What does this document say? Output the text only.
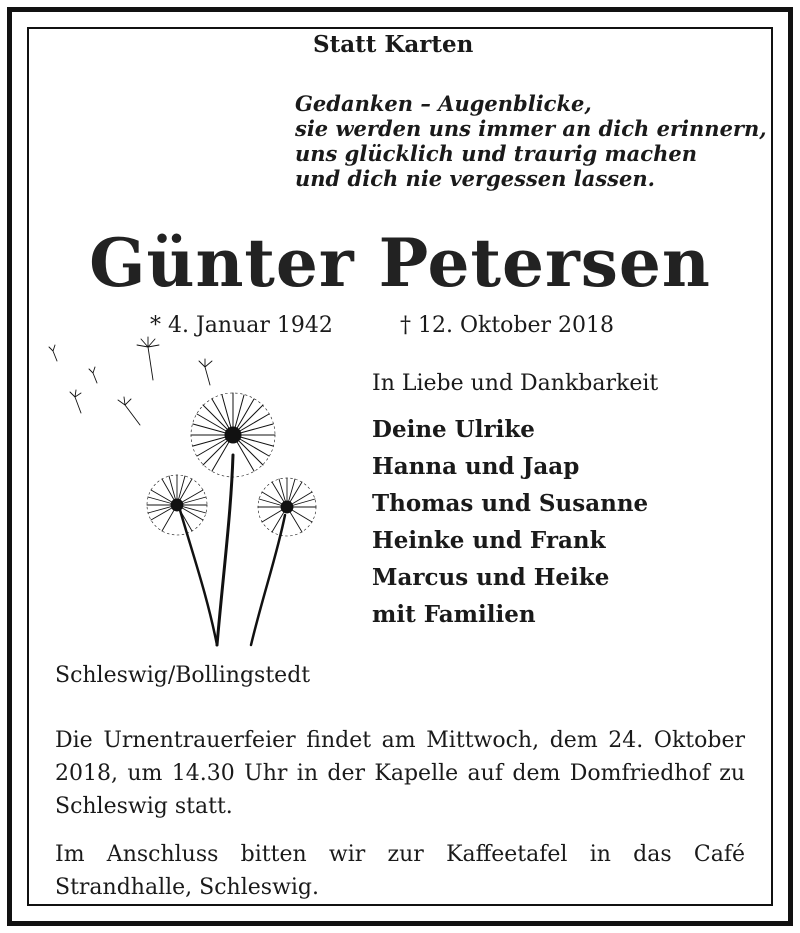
Statt Karten

Gedanken – Augenblicke,
sie werden uns immer an dich erinnern,
uns glücklich und traurig machen
und dich nie vergessen lassen.
Günter Petersen
* 4. Januar 1942	† 12. Oktober 2018

In Liebe und Dankbarkeit

Deine Ulrike
Hanna und Jaap
Thomas und Susanne
Heinke und Frank
Marcus und Heike
mit Familien

Schleswig/Bollingstedt

Die Urnentrauerfeier findet am Mittwoch, dem 24. Oktober 2018, um 14.30 Uhr in der Kapelle auf dem Domfriedhof zu Schleswig statt.

Im Anschluss bitten wir zur Kaffeetafel in das Café Strandhalle, Schleswig.
